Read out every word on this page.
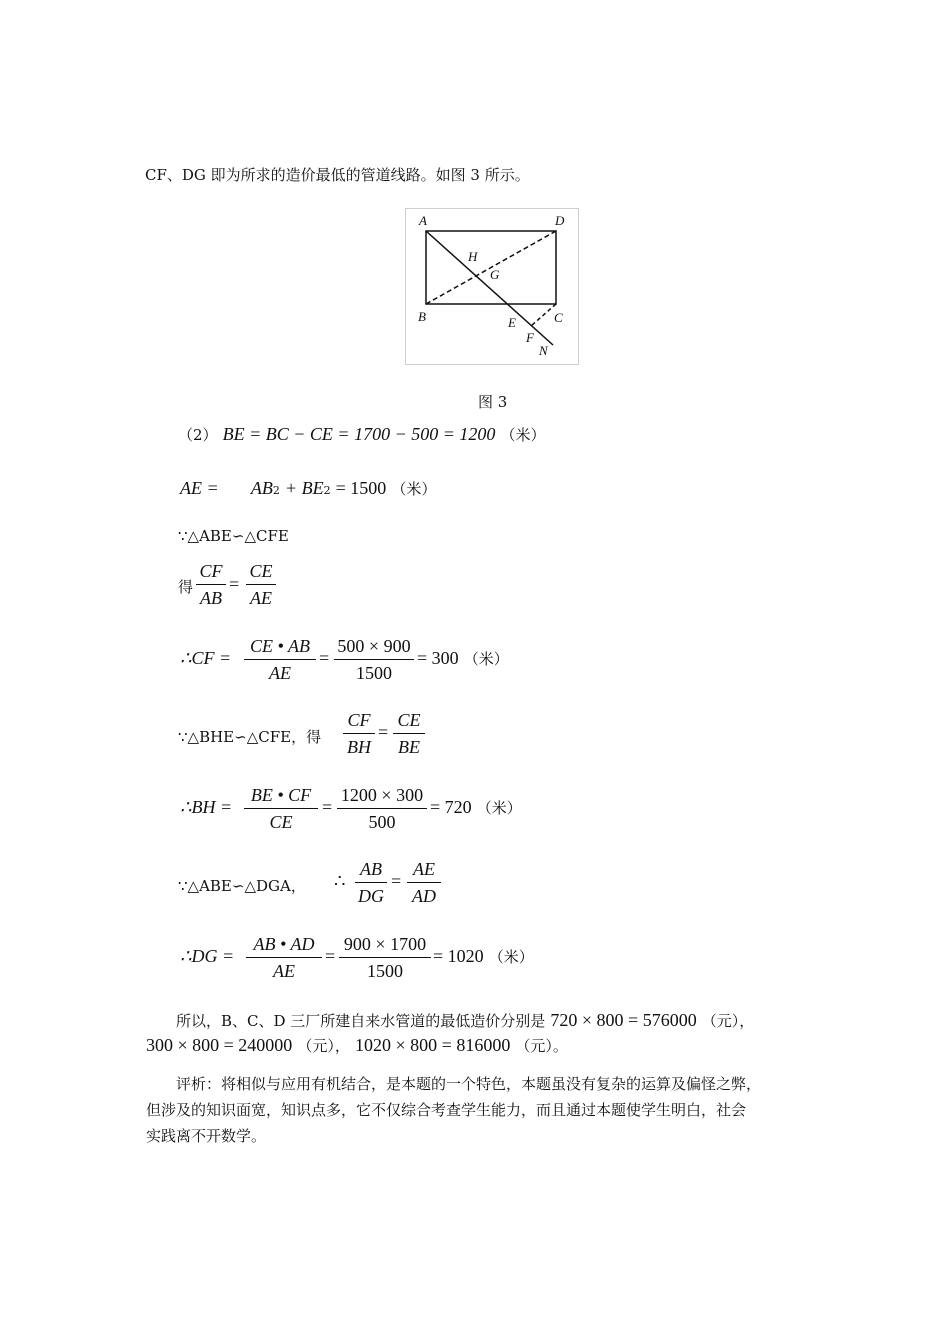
CF、DG 即为所求的造价最低的管道线路。如图 3 所示。
A	D
H
G
B	E	C
F
N
图 3
（2） BE = BC − CE = 1700 − 500 = 1200 （米）
AE = AB2 + BE2 = 1500 （米）
∵△ABE∽△CFE
得
CF
AB
=
CE
AE
∴CF =
CE • AB
AE
=
500 × 900
1500
= 300 （米）
∵△BHE∽△CFE，得
CF
BH
=
CE
BE
∴BH =
BE • CF
CE
=
1200 × 300
500
= 720 （米）
∵△ABE∽△DGA， ∴
AB
DG
=
AE
AD
∴DG =
AB • AD
AE
=
900 × 1700
1500
= 1020 （米）
所以，B、C、D 三厂所建自来水管道的最低造价分别是 720 × 800 = 576000 （元），
300 × 800 = 240000 （元）， 1020 × 800 = 816000 （元）。
评析：将相似与应用有机结合，是本题的一个特色，本题虽没有复杂的运算及偏怪之弊，
但涉及的知识面宽，知识点多，它不仅综合考查学生能力，而且通过本题使学生明白，社会
实践离不开数学。
